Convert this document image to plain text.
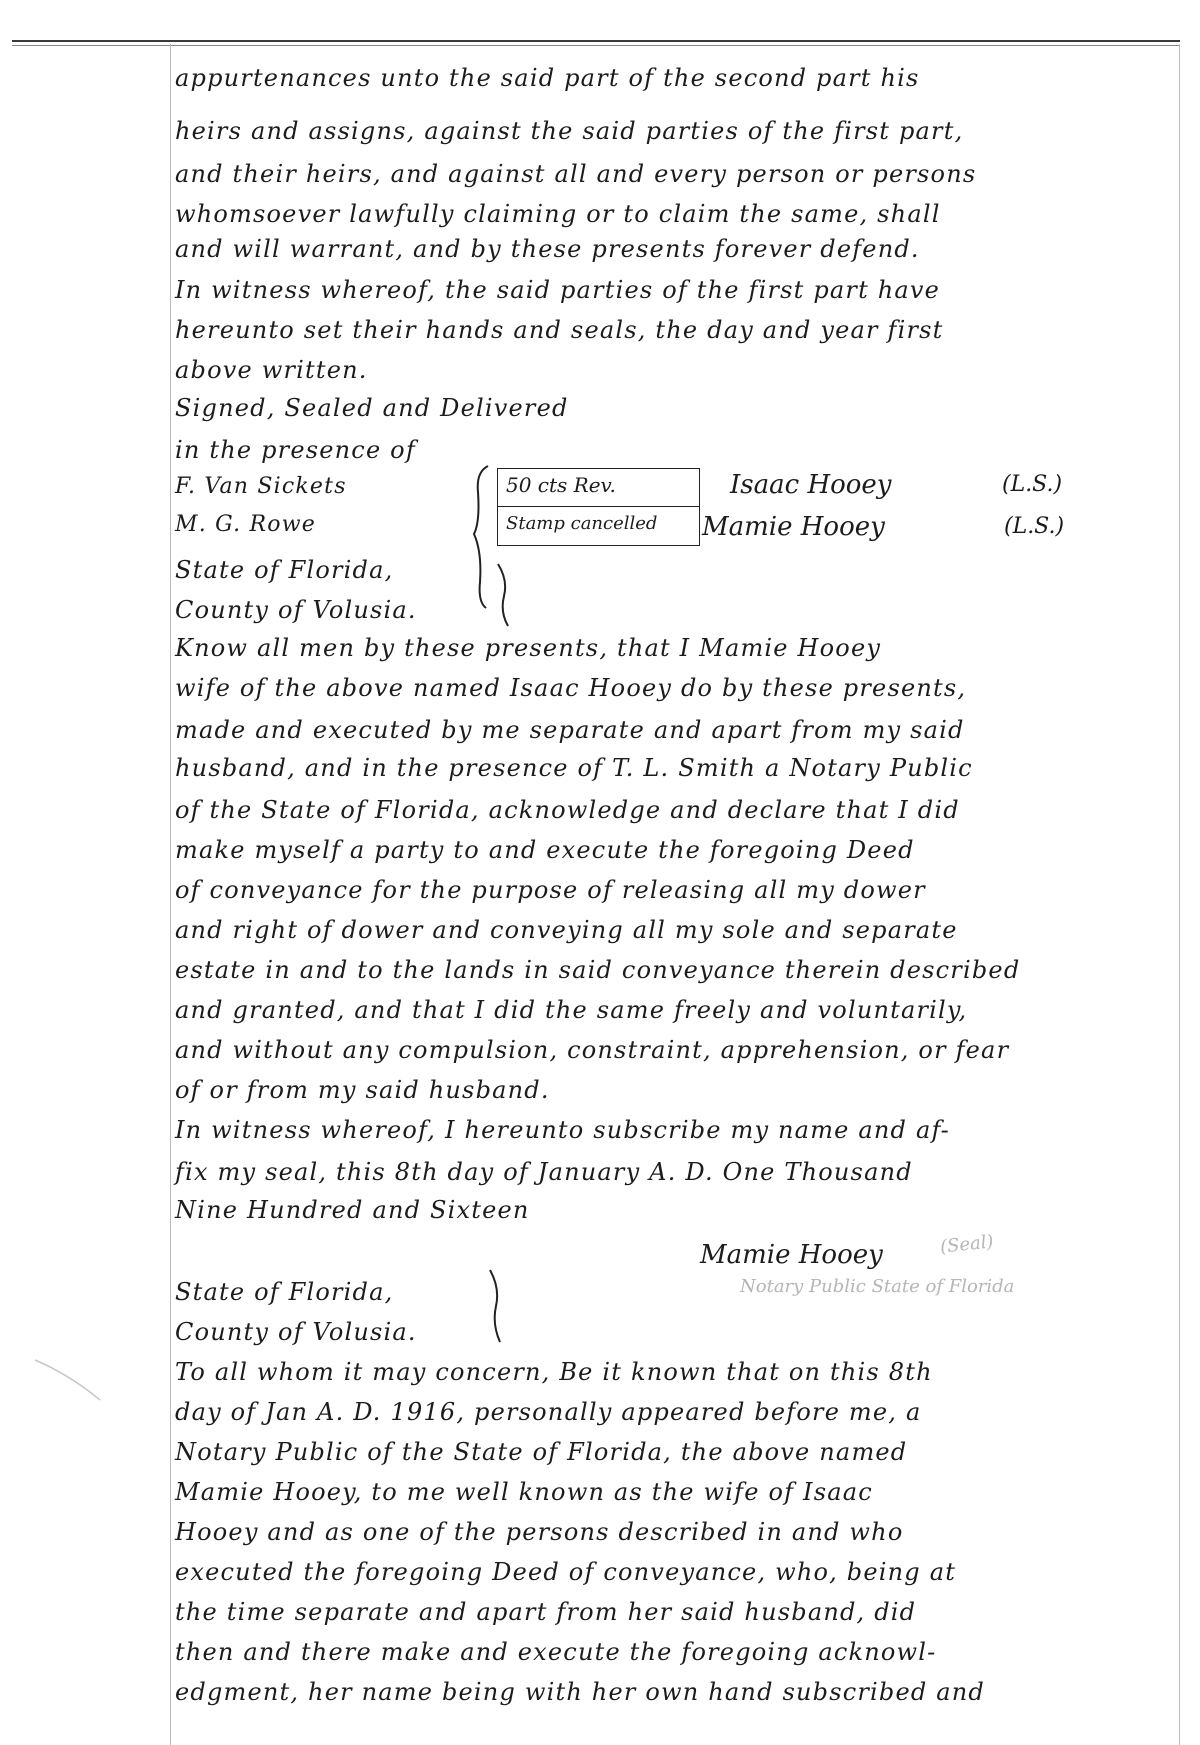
appurtenances unto the said part of the second part his
heirs and assigns, against the said parties of the first part,
and their heirs, and against all and every person or persons
whomsoever lawfully claiming or to claim the same, shall
and will warrant, and by these presents forever defend.
In witness whereof, the said parties of the first part have
hereunto set their hands and seals, the day and year first
above written.
Signed, Sealed and Delivered
in the presence of
F. Van Sickets
M. G. Rowe
50 cts Rev.
Stamp cancelled
Isaac Hooey
Mamie Hooey
(L.S.)
(L.S.)
State of Florida,
County of Volusia.
Know all men by these presents, that I Mamie Hooey
wife of the above named Isaac Hooey do by these presents,
made and executed by me separate and apart from my said
husband, and in the presence of T. L. Smith a Notary Public
of the State of Florida, acknowledge and declare that I did
make myself a party to and execute the foregoing Deed
of conveyance for the purpose of releasing all my dower
and right of dower and conveying all my sole and separate
estate in and to the lands in said conveyance therein described
and granted, and that I did the same freely and voluntarily,
and without any compulsion, constraint, apprehension, or fear
of or from my said husband.
In witness whereof, I hereunto subscribe my name and af-
fix my seal, this 8th day of January A. D. One Thousand
Nine Hundred and Sixteen
Mamie Hooey	(Seal)
Notary Public State of Florida
State of Florida,
County of Volusia.
To all whom it may concern, Be it known that on this 8th
day of Jan A. D. 1916, personally appeared before me, a
Notary Public of the State of Florida, the above named
Mamie Hooey, to me well known as the wife of Isaac
Hooey and as one of the persons described in and who
executed the foregoing Deed of conveyance, who, being at
the time separate and apart from her said husband, did
then and there make and execute the foregoing acknowl-
edgment, her name being with her own hand subscribed and
